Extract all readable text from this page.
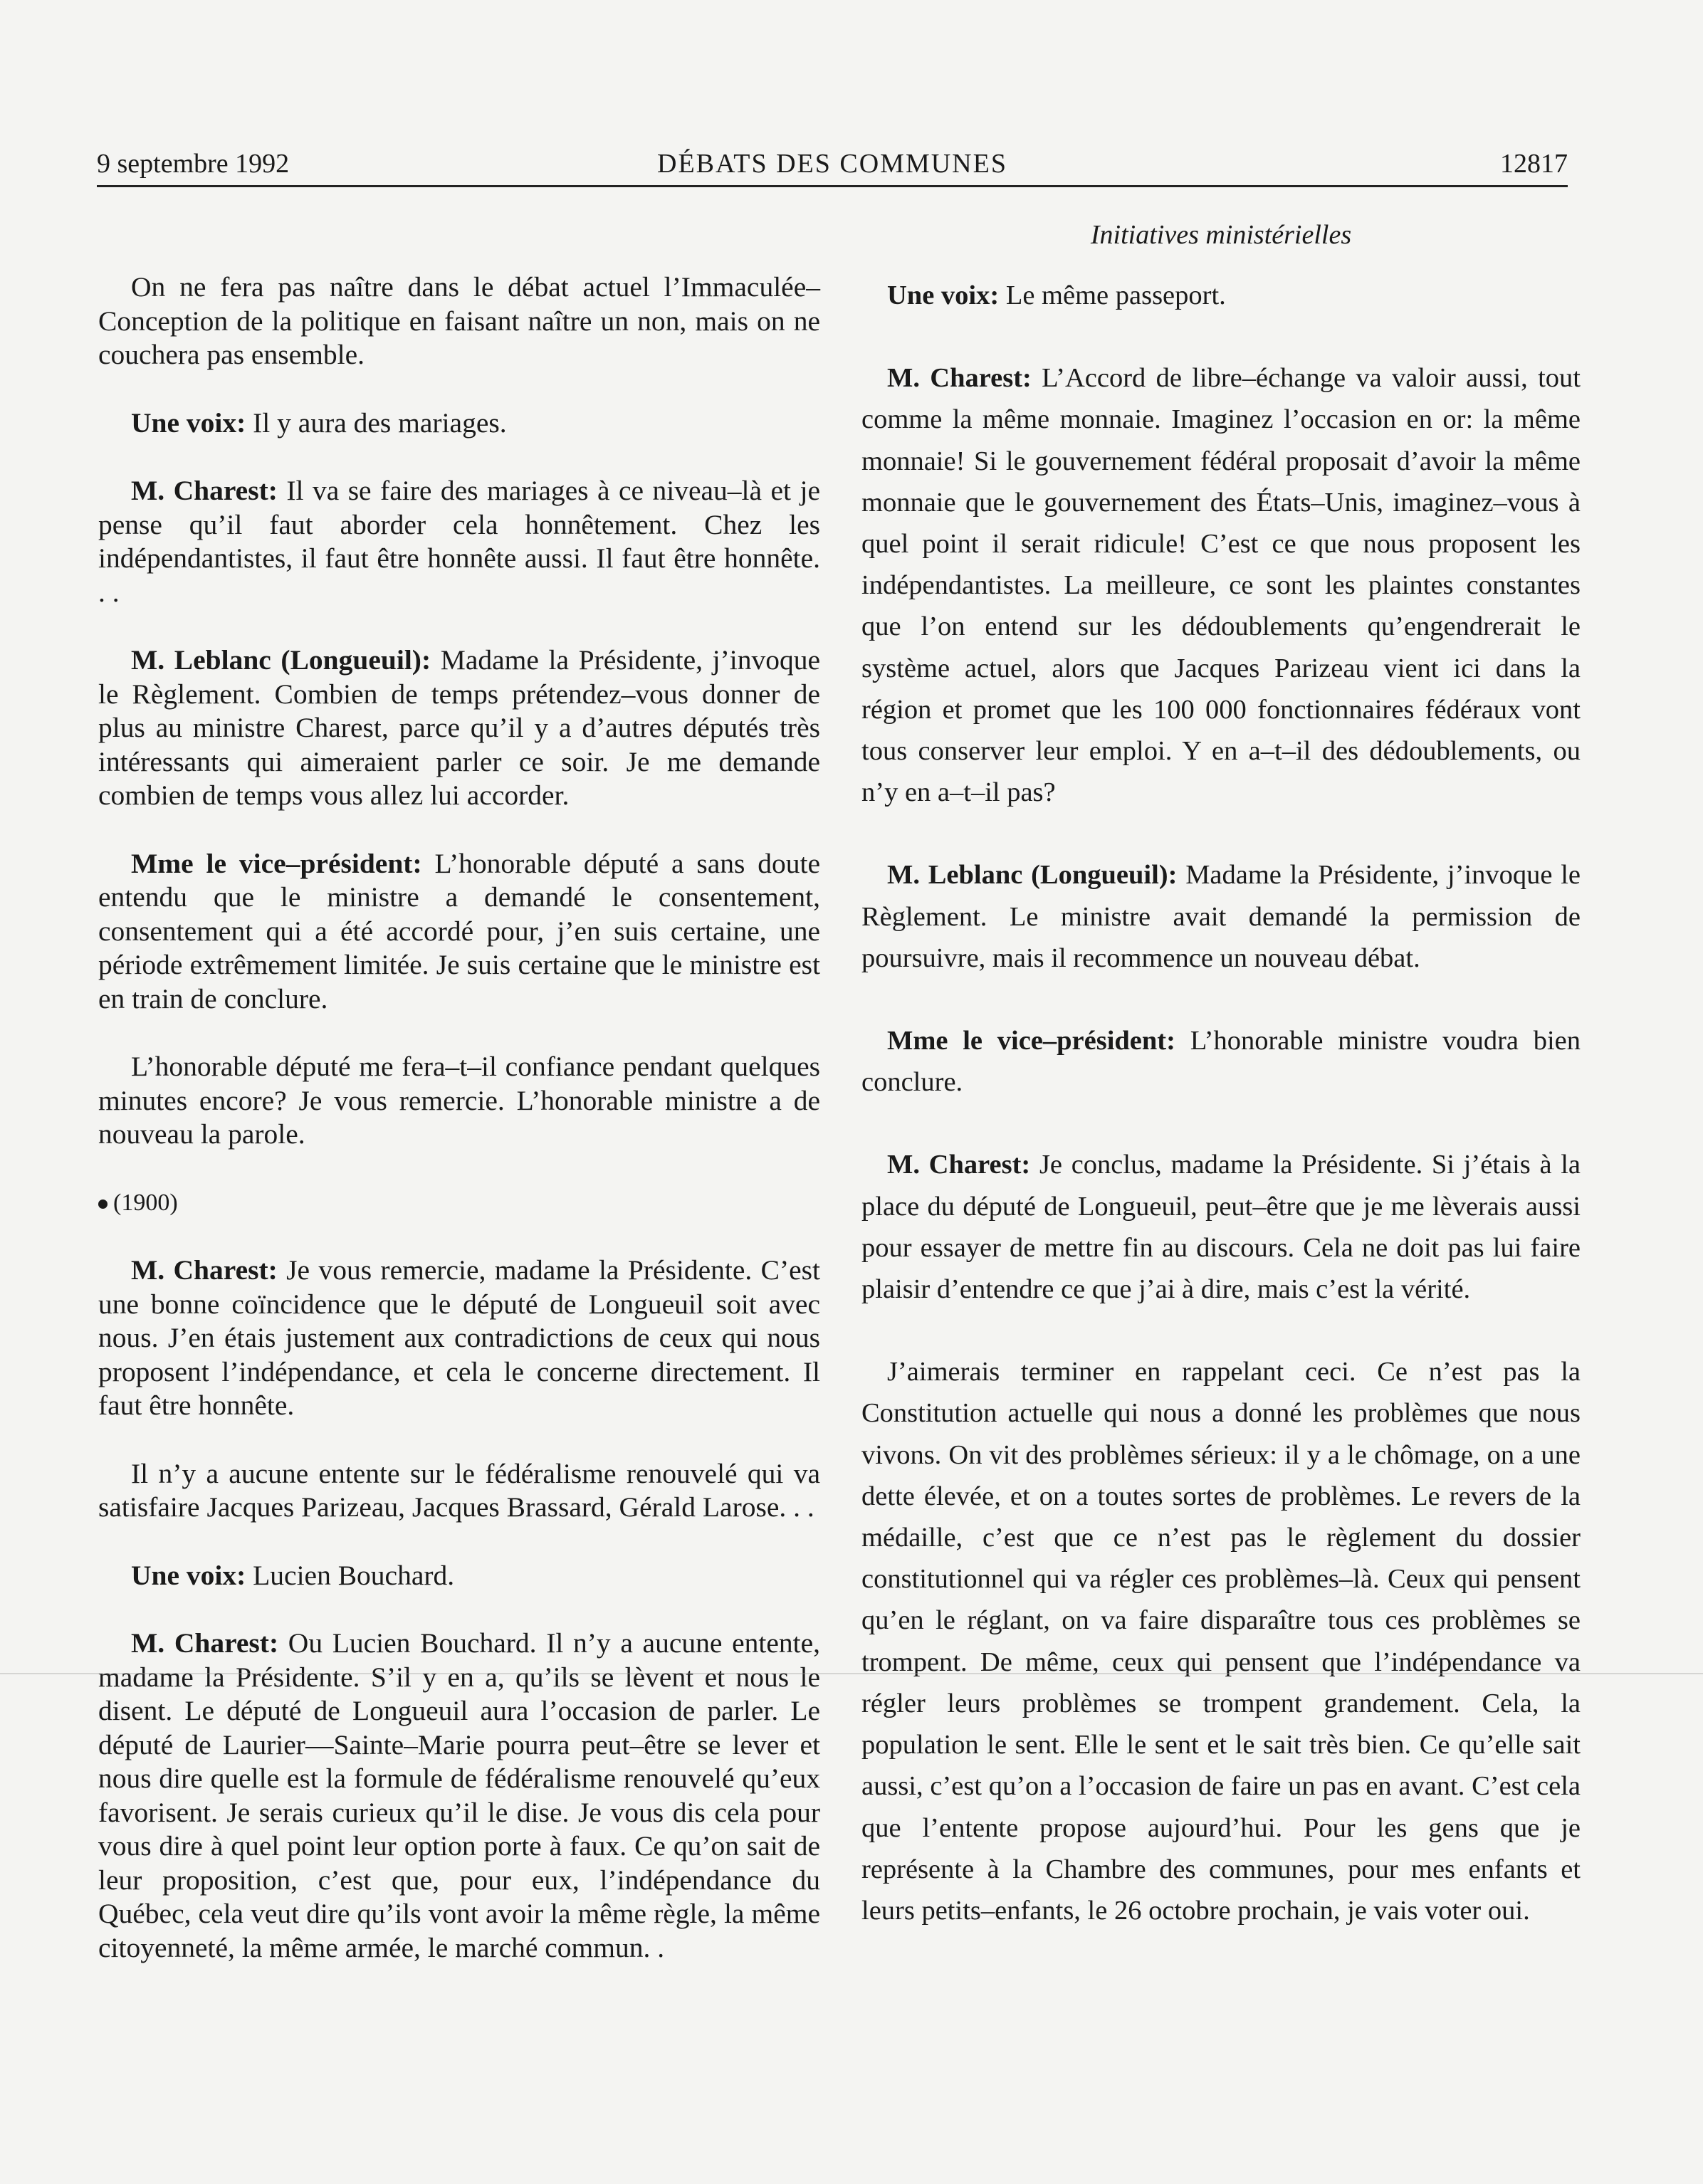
9 septembre 1992	DÉBATS DES COMMUNES	12817
Initiatives ministérielles

On ne fera pas naître dans le débat actuel l’Immaculée–Conception de la politique en faisant naître un non, mais on ne couchera pas ensemble.

Une voix: Il y aura des mariages.

M. Charest: Il va se faire des mariages à ce niveau–là et je pense qu’il faut aborder cela honnêtement. Chez les indépendantistes, il faut être honnête aussi. Il faut être honnête. . .

M. Leblanc (Longueuil): Madame la Présidente, j’invoque le Règlement. Combien de temps prétendez–vous donner de plus au ministre Charest, parce qu’il y a d’autres députés très intéressants qui aimeraient parler ce soir. Je me demande combien de temps vous allez lui accorder.

Mme le vice–président: L’honorable député a sans doute entendu que le ministre a demandé le consentement, consentement qui a été accordé pour, j’en suis certaine, une période extrêmement limitée. Je suis certaine que le ministre est en train de conclure.

L’honorable député me fera–t–il confiance pendant quelques minutes encore? Je vous remercie. L’honorable ministre a de nouveau la parole.

(1900)

M. Charest: Je vous remercie, madame la Présidente. C’est une bonne coïncidence que le député de Longueuil soit avec nous. J’en étais justement aux contradictions de ceux qui nous proposent l’indépendance, et cela le concerne directement. Il faut être honnête.

Il n’y a aucune entente sur le fédéralisme renouvelé qui va satisfaire Jacques Parizeau, Jacques Brassard, Gérald Larose. . .

Une voix: Lucien Bouchard.

M. Charest: Ou Lucien Bouchard. Il n’y a aucune entente, madame la Présidente. S’il y en a, qu’ils se lèvent et nous le disent. Le député de Longueuil aura l’occasion de parler. Le député de Laurier—Sainte–Marie pourra peut–être se lever et nous dire quelle est la formule de fédéralisme renouvelé qu’eux favorisent. Je serais curieux qu’il le dise. Je vous dis cela pour vous dire à quel point leur option porte à faux. Ce qu’on sait de leur proposition, c’est que, pour eux, l’indépendance du Québec, cela veut dire qu’ils vont avoir la même règle, la même citoyenneté, la même armée, le marché commun. .

Une voix: Le même passeport.

M. Charest: L’Accord de libre–échange va valoir aussi, tout comme la même monnaie. Imaginez l’occasion en or: la même monnaie! Si le gouvernement fédéral proposait d’avoir la même monnaie que le gouvernement des États–Unis, imaginez–vous à quel point il serait ridicule! C’est ce que nous proposent les indépendantistes. La meilleure, ce sont les plaintes constantes que l’on entend sur les dédoublements qu’engendrerait le système actuel, alors que Jacques Parizeau vient ici dans la région et promet que les 100 000 fonctionnaires fédéraux vont tous conserver leur emploi. Y en a–t–il des dédoublements, ou n’y en a–t–il pas?

M. Leblanc (Longueuil): Madame la Présidente, j’invoque le Règlement. Le ministre avait demandé la permission de poursuivre, mais il recommence un nouveau débat.

Mme le vice–président: L’honorable ministre voudra bien conclure.

M. Charest: Je conclus, madame la Présidente. Si j’étais à la place du député de Longueuil, peut–être que je me lèverais aussi pour essayer de mettre fin au discours. Cela ne doit pas lui faire plaisir d’entendre ce que j’ai à dire, mais c’est la vérité.

J’aimerais terminer en rappelant ceci. Ce n’est pas la Constitution actuelle qui nous a donné les problèmes que nous vivons. On vit des problèmes sérieux: il y a le chômage, on a une dette élevée, et on a toutes sortes de problèmes. Le revers de la médaille, c’est que ce n’est pas le règlement du dossier constitutionnel qui va régler ces problèmes–là. Ceux qui pensent qu’en le réglant, on va faire disparaître tous ces problèmes se trompent. De même, ceux qui pensent que l’indépendance va régler leurs problèmes se trompent grandement. Cela, la population le sent. Elle le sent et le sait très bien. Ce qu’elle sait aussi, c’est qu’on a l’occasion de faire un pas en avant. C’est cela que l’entente propose aujourd’hui. Pour les gens que je représente à la Chambre des communes, pour mes enfants et leurs petits–enfants, le 26 octobre prochain, je vais voter oui.
